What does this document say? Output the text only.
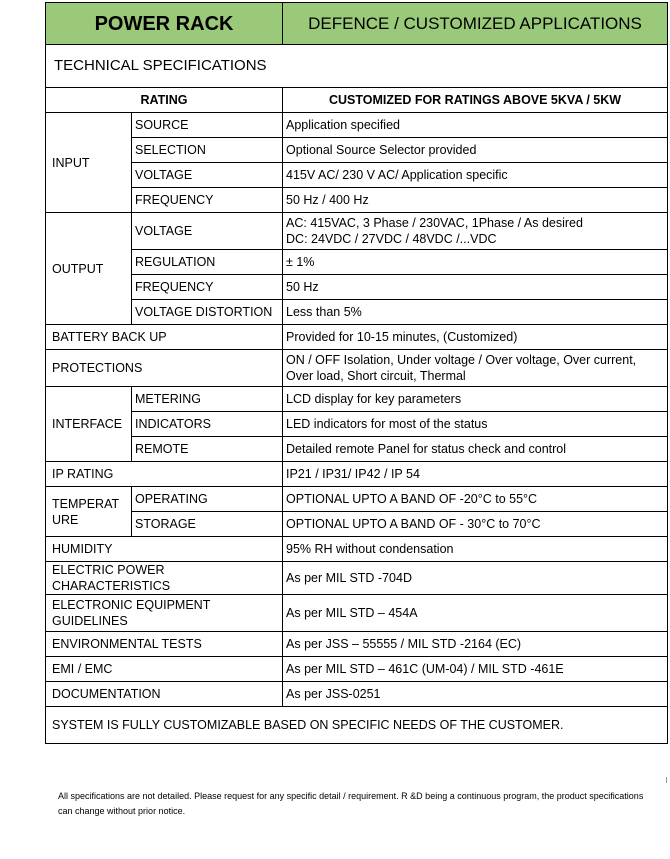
POWER RACK		DEFENCE / CUSTOMIZED APPLICATIONS
TECHNICAL SPECIFICATIONS		
RATING		CUSTOMIZED FOR RATINGS ABOVE 5KVA / 5KW
INPUT	SOURCE	Application specified
	SELECTION	Optional Source Selector provided
	VOLTAGE	415V AC/ 230 V AC/ Application specific
	FREQUENCY	50 Hz / 400 Hz
OUTPUT	VOLTAGE	AC: 415VAC, 3 Phase / 230VAC, 1Phase / As desired
DC: 24VDC / 27VDC / 48VDC /...VDC

	REGULATION	± 1%
	FREQUENCY	50 Hz
	VOLTAGE DISTORTION	Less than 5%
BATTERY BACK UP		Provided for 10-15 minutes, (Customized)
PROTECTIONS		ON / OFF Isolation, Under voltage / Over voltage, Over current,
Over load, Short circuit, Thermal

INTERFACE	METERING	LCD display for key parameters
	INDICATORS	LED indicators for most of the status
	REMOTE	Detailed remote Panel for status check and control
IP RATING		IP21 / IP31/ IP42 / IP 54

TEMPERAT
URE	OPERATING	OPTIONAL UPTO A BAND OF -20°C to 55°C
	STORAGE	OPTIONAL UPTO A BAND OF - 30°C to 70°C
HUMIDITY		95% RH without condensation
ELECTRIC POWER CHARACTERISTICS		As per MIL STD -704D

ELECTRONIC EQUIPMENT
GUIDELINES		As per MIL STD – 454A
ENVIRONMENTAL TESTS		As per JSS – 55555 / MIL STD -2164 (EC)
EMI / EMC		As per MIL STD – 461C (UM-04) / MIL STD -461E
DOCUMENTATION		As per JSS-0251
SYSTEM IS FULLY CUSTOMIZABLE BASED ON SPECIFIC NEEDS OF THE CUSTOMER.		
All specifications are not detailed. Please request for any specific detail / requirement. R &D being a continuous program, the product specifications can change without prior notice.
